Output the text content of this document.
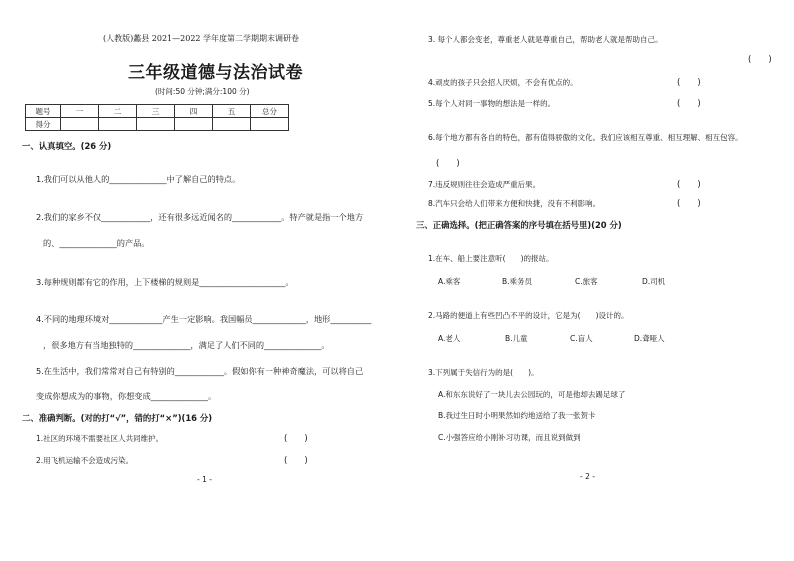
(人教版)蠡县 2021—2022 学年度第二学期期末调研卷
三年级道德与法治试卷
(时间:50 分钟;满分:100 分)
题号	一	二	三	四	五	总分
得分						
一、认真填空。(26 分)
1.我们可以从他人的______________中了解自己的特点。
2.我们的家乡不仅____________，还有很多远近闻名的____________。特产就是指一个地方
的、______________的产品。
3.每种规则都有它的作用，上下楼梯的规则是_____________________。
4.不同的地理环境对_____________产生一定影响。我国幅员_____________，地形__________
，很多地方有当地独特的______________，满足了人们不同的______________。
5.在生活中，我们常常对自己有特别的____________。假如你有一种神奇魔法，可以将自己
变成你想成为的事物，你想变成______________。
二、准确判断。(对的打“√”，错的打“×”)(16 分)
1.社区的环境不需要社区人共同维护。	(　　)
2.用飞机运输不会造成污染。	(　　)
- 1 -
3. 每个人都会变老，尊重老人就是尊重自己，帮助老人就是帮助自己。
(　　)
4.顽皮的孩子只会招人厌烦，不会有优点的。	(　　)
5.每个人对同一事物的想法是一样的。	(　　)
6.每个地方都有各自的特色，都有值得骄傲的文化。我们应该相互尊重、相互理解、相互包容。
(　　)
7.违反规则往往会造成严重后果。	(　　)
8.汽车只会给人们带来方便和快捷，没有不利影响。	(　　)
三、正确选择。(把正确答案的序号填在括号里)(20 分)
1.在车、船上要注意听(　　)的报站。
A.乘客	B.乘务员	C.旅客	D.司机
2.马路的便道上有些凹凸不平的设计，它是为(　　)设计的。
A.老人	B.儿童	C.盲人	D.聋哑人
3.下列属于失信行为的是(　　)。
A.和东东说好了一块儿去公园玩的，可是他却去踢足球了
B.我过生日时小明果然如约地送给了我一张贺卡
C.小强答应给小刚补习功课，而且说到做到
- 2 -
